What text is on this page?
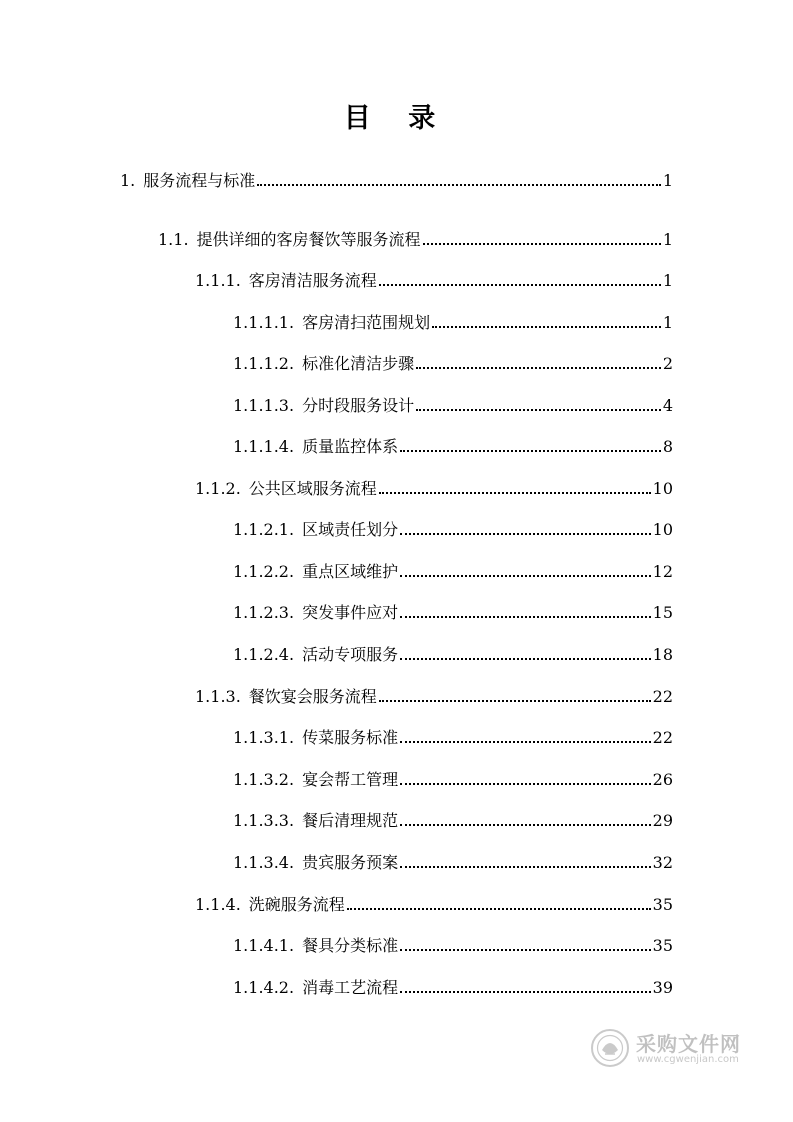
目 录
1. 服务流程与标准	1
1.1. 提供详细的客房餐饮等服务流程	1
1.1.1. 客房清洁服务流程	1
1.1.1.1. 客房清扫范围规划	1
1.1.1.2. 标准化清洁步骤	2
1.1.1.3. 分时段服务设计	4
1.1.1.4. 质量监控体系	8
1.1.2. 公共区域服务流程	10
1.1.2.1. 区域责任划分	10
1.1.2.2. 重点区域维护	12
1.1.2.3. 突发事件应对	15
1.1.2.4. 活动专项服务	18
1.1.3. 餐饮宴会服务流程	22
1.1.3.1. 传菜服务标准	22
1.1.3.2. 宴会帮工管理	26
1.1.3.3. 餐后清理规范	29
1.1.3.4. 贵宾服务预案	32
1.1.4. 洗碗服务流程	35
1.1.4.1. 餐具分类标准	35
1.1.4.2. 消毒工艺流程	39
采购文件网
www.cgwenjian.com
